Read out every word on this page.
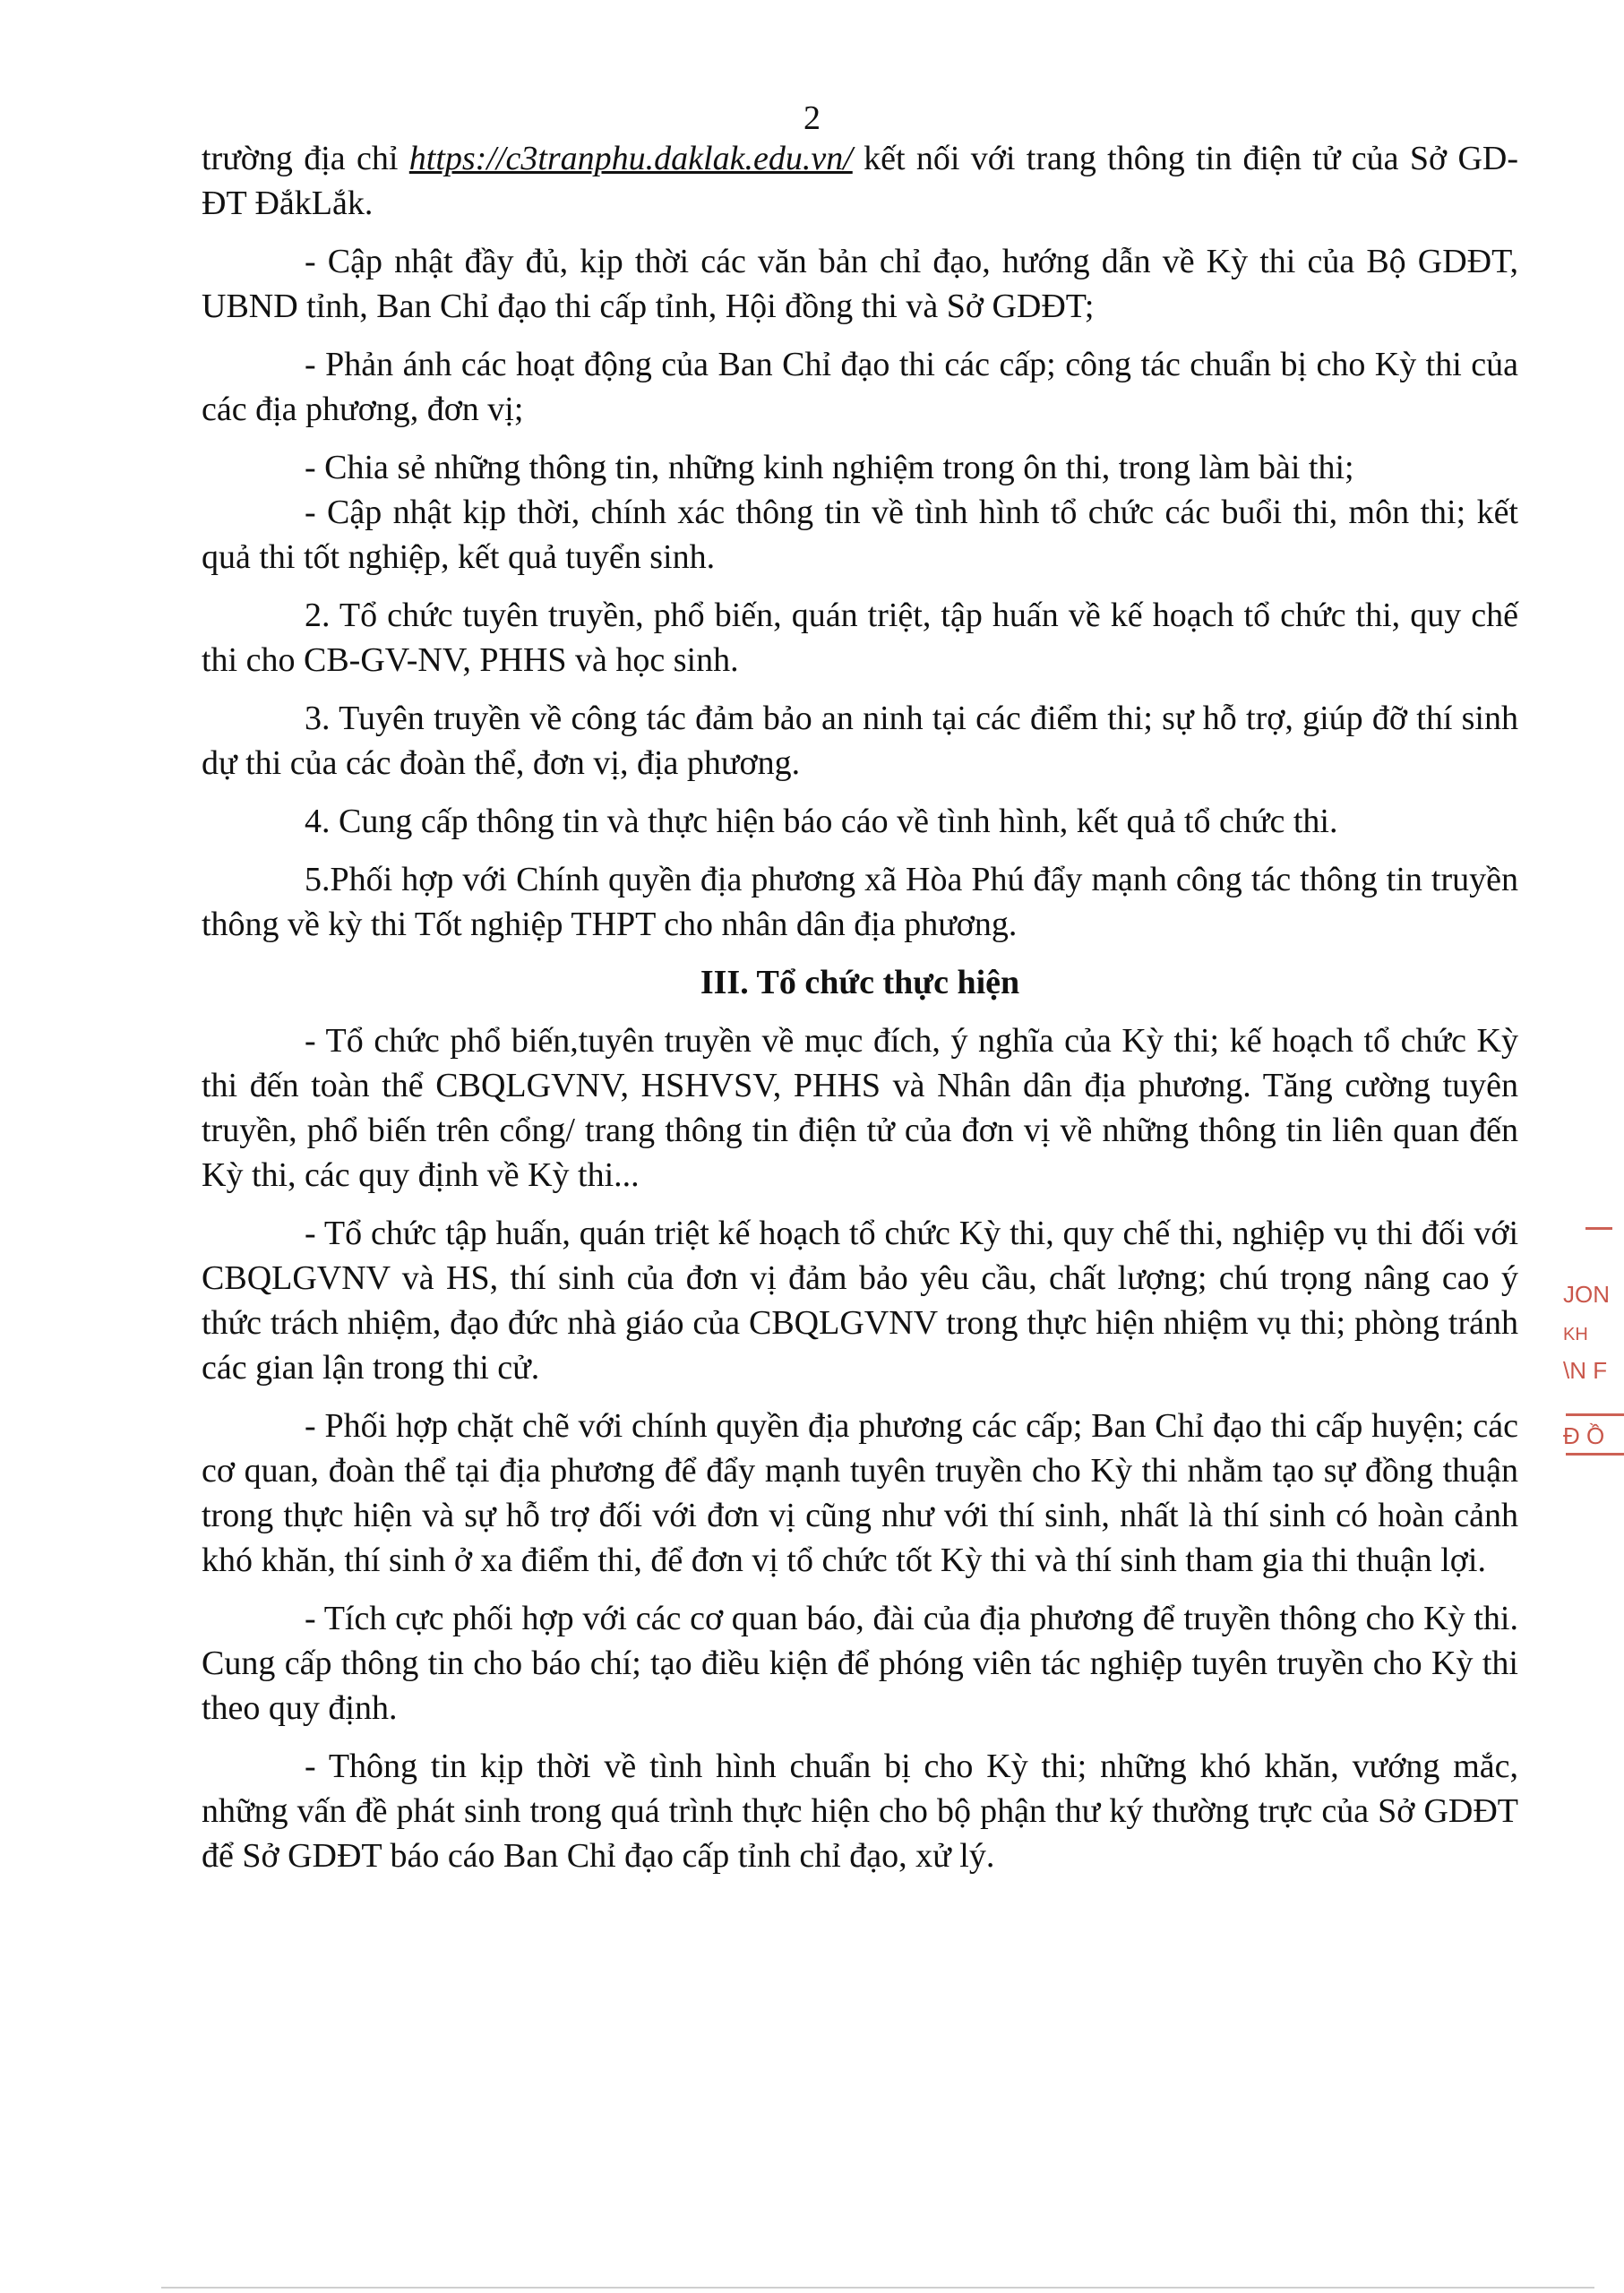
2

trường địa chỉ https://c3tranphu.daklak.edu.vn/ kết nối với trang thông tin điện tử của Sở GD-ĐT ĐắkLắk.

- Cập nhật đầy đủ, kịp thời các văn bản chỉ đạo, hướng dẫn về Kỳ thi của Bộ GDĐT, UBND tỉnh, Ban Chỉ đạo thi cấp tỉnh, Hội đồng thi và Sở GDĐT;

- Phản ánh các hoạt động của Ban Chỉ đạo thi các cấp; công tác chuẩn bị cho Kỳ thi của các địa phương, đơn vị;

- Chia sẻ những thông tin, những kinh nghiệm trong ôn thi, trong làm bài thi;

- Cập nhật kịp thời, chính xác thông tin về tình hình tổ chức các buổi thi, môn thi; kết quả thi tốt nghiệp, kết quả tuyển sinh.

2. Tổ chức tuyên truyền, phổ biến, quán triệt, tập huấn về kế hoạch tổ chức thi, quy chế thi cho CB-GV-NV, PHHS và học sinh.

3. Tuyên truyền về công tác đảm bảo an ninh tại các điểm thi; sự hỗ trợ, giúp đỡ thí sinh dự thi của các đoàn thể, đơn vị, địa phương.

4. Cung cấp thông tin và thực hiện báo cáo về tình hình, kết quả tổ chức thi.

5.Phối hợp với Chính quyền địa phương xã Hòa Phú đẩy mạnh công tác thông tin truyền thông về kỳ thi Tốt nghiệp THPT cho nhân dân địa phương.

III. Tổ chức thực hiện

- Tổ chức phổ biến,tuyên truyền về mục đích, ý nghĩa của Kỳ thi; kế hoạch tổ chức Kỳ thi đến toàn thể CBQLGVNV, HSHVSV, PHHS và Nhân dân địa phương. Tăng cường tuyên truyền, phổ biến trên cổng/ trang thông tin điện tử của đơn vị về những thông tin liên quan đến Kỳ thi, các quy định về Kỳ thi...

- Tổ chức tập huấn, quán triệt kế hoạch tổ chức Kỳ thi, quy chế thi, nghiệp vụ thi đối với CBQLGVNV và HS, thí sinh của đơn vị đảm bảo yêu cầu, chất lượng; chú trọng nâng cao ý thức trách nhiệm, đạo đức nhà giáo của CBQLGVNV trong thực hiện nhiệm vụ thi; phòng tránh các gian lận trong thi cử.

- Phối hợp chặt chẽ với chính quyền địa phương các cấp; Ban Chỉ đạo thi cấp huyện; các cơ quan, đoàn thể tại địa phương để đẩy mạnh tuyên truyền cho Kỳ thi nhằm tạo sự đồng thuận trong thực hiện và sự hỗ trợ đối với đơn vị cũng như với thí sinh, nhất là thí sinh có hoàn cảnh khó khăn, thí sinh ở xa điểm thi, để đơn vị tổ chức tốt Kỳ thi và thí sinh tham gia thi thuận lợi.

- Tích cực phối hợp với các cơ quan báo, đài của địa phương để truyền thông cho Kỳ thi. Cung cấp thông tin cho báo chí; tạo điều kiện để phóng viên tác nghiệp tuyên truyền cho Kỳ thi theo quy định.

- Thông tin kịp thời về tình hình chuẩn bị cho Kỳ thi; những khó khăn, vướng mắc, những vấn đề phát sinh trong quá trình thực hiện cho bộ phận thư ký thường trực của Sở GDĐT để Sở GDĐT báo cáo Ban Chỉ đạo cấp tỉnh chỉ đạo, xử lý.

JON
KH
\N F
Ð Ồ
